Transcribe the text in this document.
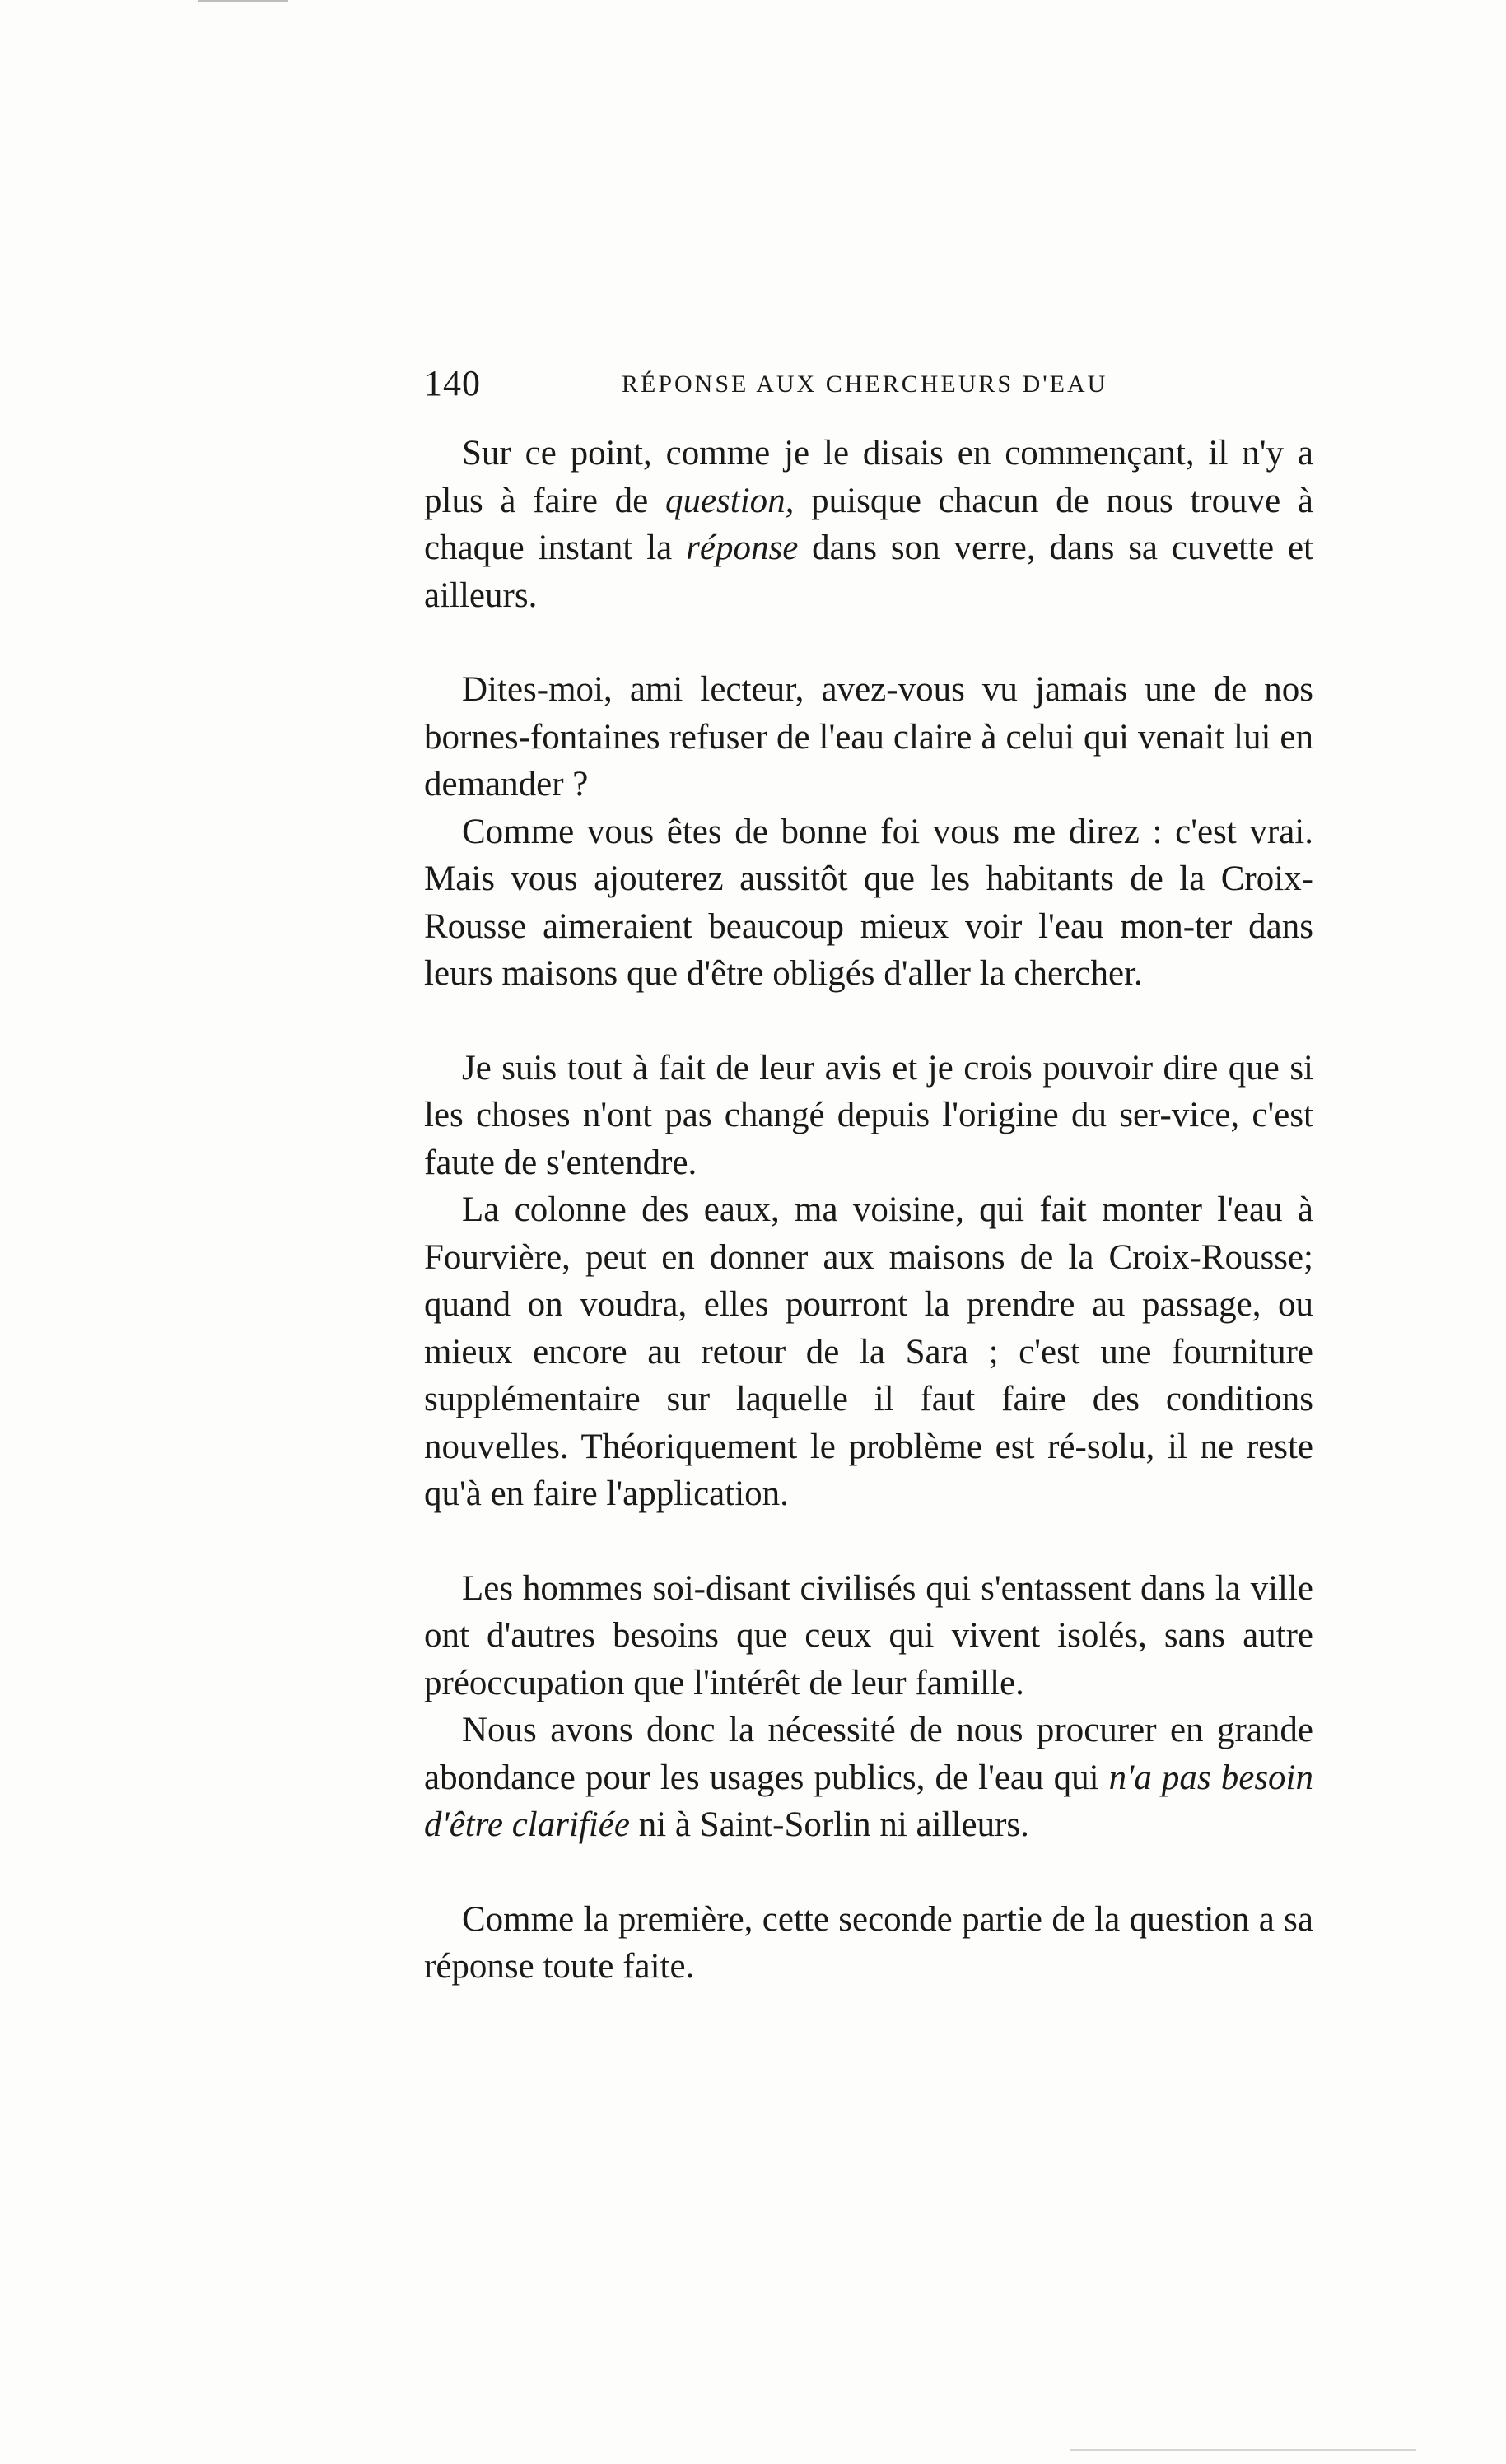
140	RÉPONSE AUX CHERCHEURS D'EAU

Sur ce point, comme je le disais en commençant, il n'y a plus à faire de question, puisque chacun de nous trouve à chaque instant la réponse dans son verre, dans sa cuvette et ailleurs.

Dites-moi, ami lecteur, avez-vous vu jamais une de nos bornes-fontaines refuser de l'eau claire à celui qui venait lui en demander ?

Comme vous êtes de bonne foi vous me direz : c'est vrai. Mais vous ajouterez aussitôt que les habitants de la Croix-Rousse aimeraient beaucoup mieux voir l'eau mon-ter dans leurs maisons que d'être obligés d'aller la chercher.

Je suis tout à fait de leur avis et je crois pouvoir dire que si les choses n'ont pas changé depuis l'origine du ser-vice, c'est faute de s'entendre.

La colonne des eaux, ma voisine, qui fait monter l'eau à Fourvière, peut en donner aux maisons de la Croix-Rousse; quand on voudra, elles pourront la prendre au passage, ou mieux encore au retour de la Sara ; c'est une fourniture supplémentaire sur laquelle il faut faire des conditions nouvelles. Théoriquement le problème est ré-solu, il ne reste qu'à en faire l'application.

Les hommes soi-disant civilisés qui s'entassent dans la ville ont d'autres besoins que ceux qui vivent isolés, sans autre préoccupation que l'intérêt de leur famille.

Nous avons donc la nécessité de nous procurer en grande abondance pour les usages publics, de l'eau qui n'a pas besoin d'être clarifiée ni à Saint-Sorlin ni ailleurs.

Comme la première, cette seconde partie de la question a sa réponse toute faite.
